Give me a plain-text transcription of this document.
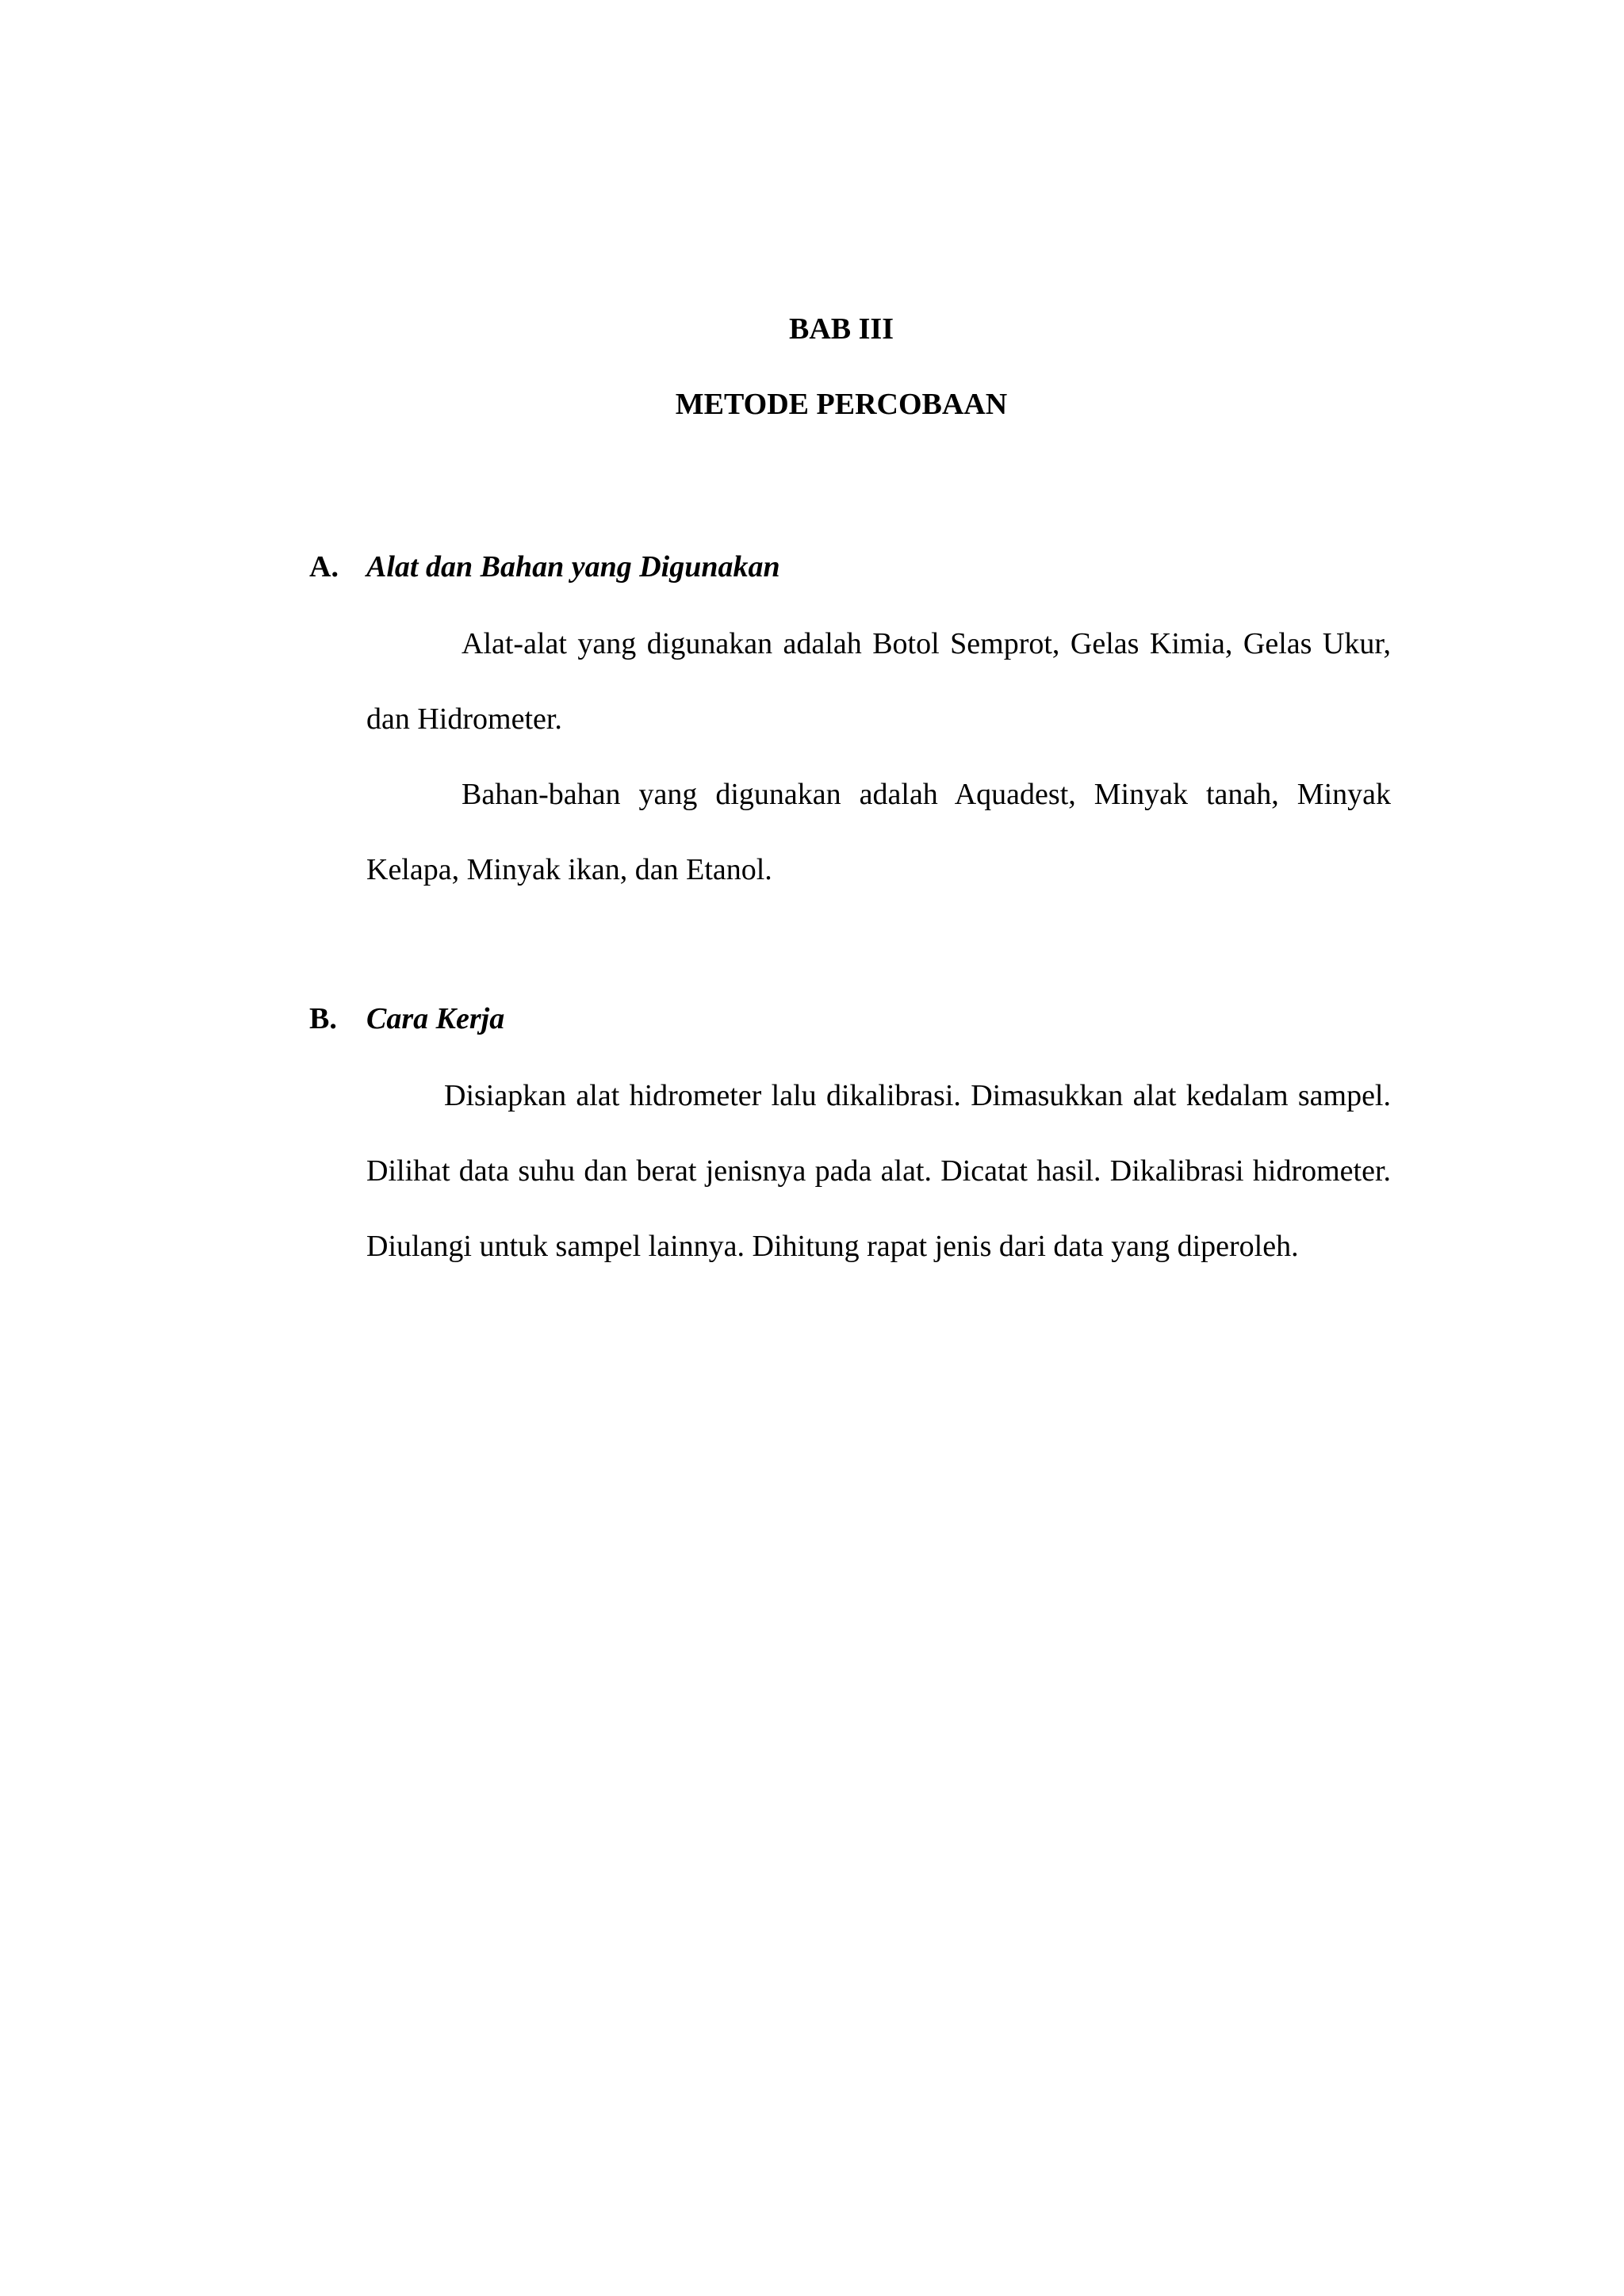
BAB III
METODE PERCOBAAN
A. Alat dan Bahan yang Digunakan

Alat-alat yang digunakan adalah Botol Semprot, Gelas Kimia, Gelas Ukur, dan Hidrometer.

Bahan-bahan yang digunakan adalah Aquadest, Minyak tanah, Minyak Kelapa, Minyak ikan, dan Etanol.

B. Cara Kerja

Disiapkan alat hidrometer lalu dikalibrasi. Dimasukkan alat kedalam sampel. Dilihat data suhu dan berat jenisnya pada alat. Dicatat hasil. Dikalibrasi hidrometer. Diulangi untuk sampel lainnya. Dihitung rapat jenis dari data yang diperoleh.
